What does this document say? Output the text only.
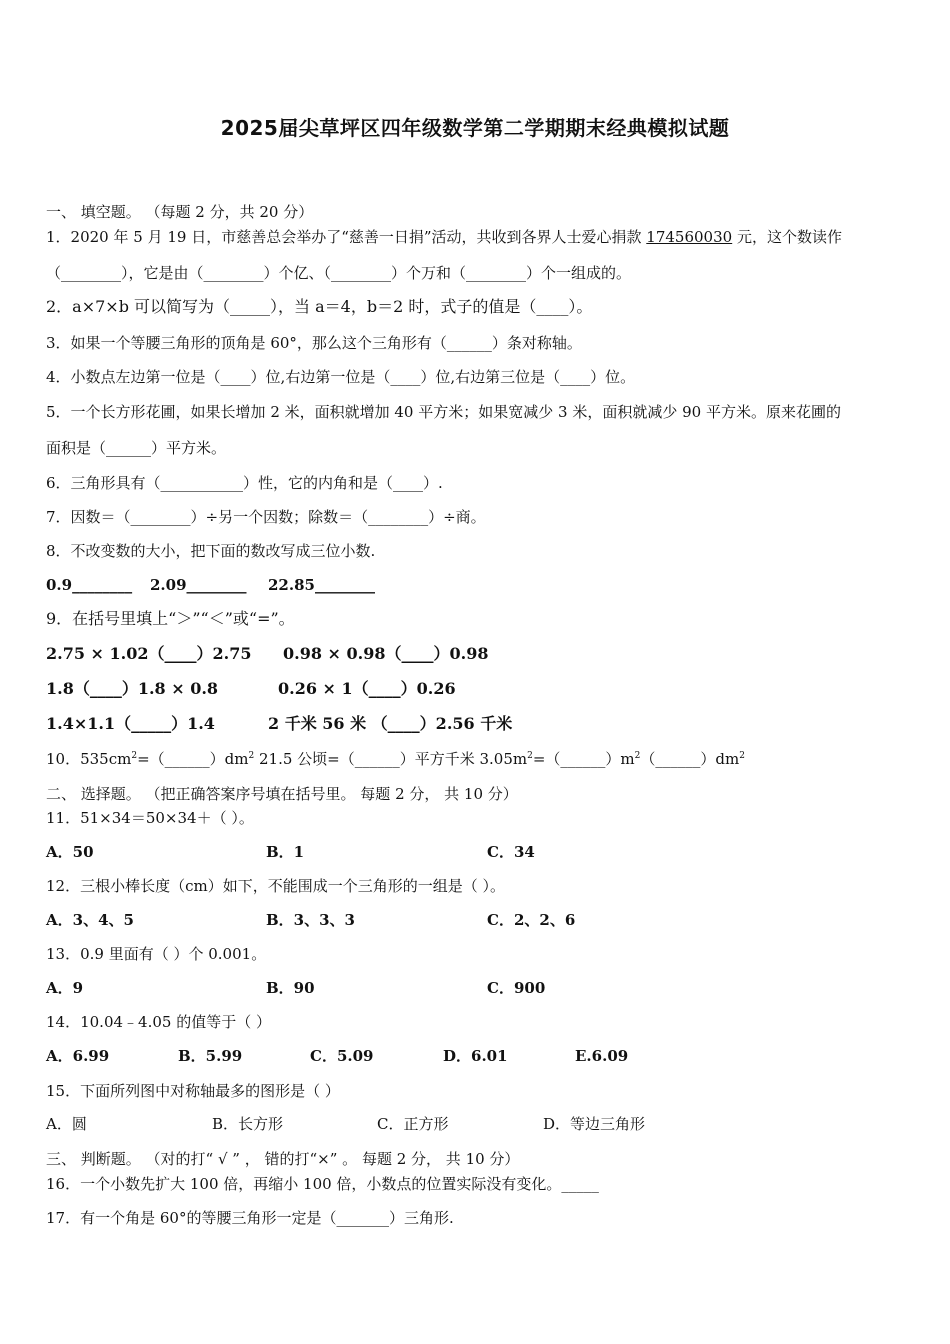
2025届尖草坪区四年级数学第二学期期末经典模拟试题
一、 填空题。 （每题 2 分，共 20 分）
1．2020 年 5 月 19 日，市慈善总会举办了“慈善一日捐”活动，共收到各界人士爱心捐款 174560030 元，这个数读作
（________），它是由（________）个亿、（________）个万和（________）个一组成的。
2．a×7×b 可以简写为（_____），当 a＝4，b＝2 时，式子的值是（____）。
3．如果一个等腰三角形的顶角是 60°，那么这个三角形有（______）条对称轴。
4．小数点左边第一位是（____）位,右边第一位是（____）位,右边第三位是（____）位。
5．一个长方形花圃，如果长增加 2 米，面积就增加 40 平方米；如果宽减少 3 米，面积就减少 90 平方米。原来花圃的
面积是（______）平方米。
6．三角形具有（___________）性，它的内角和是（____）.
7．因数＝（________）÷另一个因数；除数＝（________）÷商。
8．不改变数的大小，把下面的数改写成三位小数.
0.9________ 2.09________ 22.85________
9．在括号里填上“＞”“＜”或“=”。
2.75 × 1.02（____）2.75 0.98 × 0.98（____）0.98
1.8（____）1.8 × 0.8	0.26 × 1（____）0.26
1.4×1.1（_____）1.4	2 千米 56 米 （____）2.56 千米
10．$535cm^2=(\_\_\_\_\_\_)dm^2$ 21.5 公顷=（______）平方千米 $3.05m^2=(\_\_\_\_\_\_)m^2(\_\_\_\_\_\_)dm^2$
二、 选择题。 （把正确答案序号填在括号里。 每题 2 分， 共 10 分）
11．51×34＝50×34＋（ ）。
A．50	B．1	C．34
12．三根小棒长度（cm）如下，不能围成一个三角形的一组是（ ）。
A．3、4、5	B．3、3、3	C．2、2、6
13．0.9 里面有（ ）个 0.001。
A．9	B．90	C．900
14．10.04﹣4.05 的值等于（ ）
A．6.99	B．5.99	C．5.09	D．6.01	E.6.09
15．下面所列图中对称轴最多的图形是（ ）
A．圆	B．长方形	C．正方形	D．等边三角形
三、 判断题。 （对的打“ √ ” ， 错的打“×” 。 每题 2 分， 共 10 分）
16．一个小数先扩大 100 倍，再缩小 100 倍，小数点的位置实际没有变化。_____
17．有一个角是 60°的等腰三角形一定是（_______）三角形.
